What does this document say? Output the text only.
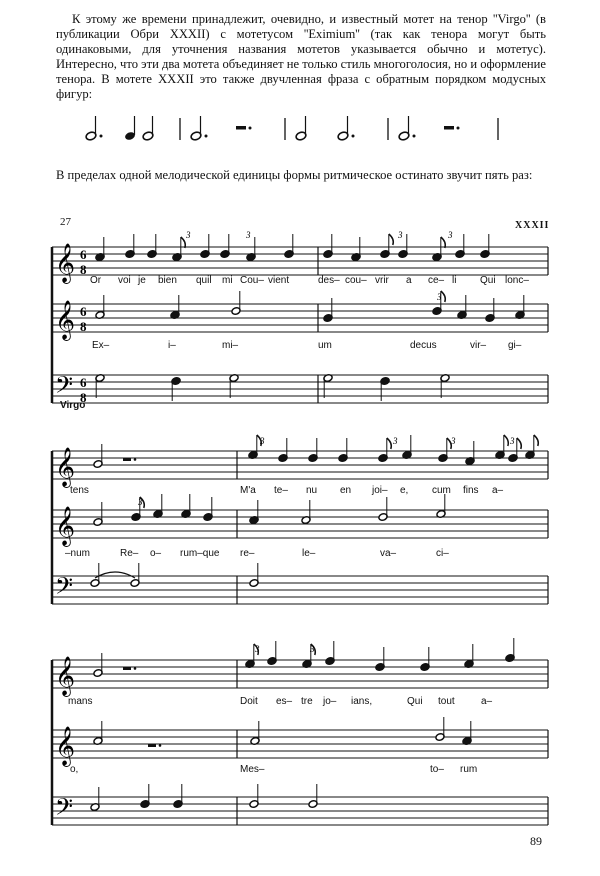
К этому же времени принадлежит, очевидно, и известный мотет на тенор ''Virgo'' (в публикации Обри XXXII) с мотетусом ''Eximium'' (так как тенора могут быть одинаковыми, для уточнения названия мотетов указывается обычно и мотетус). Интересно, что эти два мотета объединяет не только стиль многоголосия, но и оформление тенора. В мотете XXXII это также двучленная фраза с обратным порядком модусных фигур:

В пределах одной мелодической единицы формы ритмическое остинато звучит пять раз:

𝄞 6
8
𝄞 6
8
𝄢 6
8
3	3	3	3
3
𝄞
𝄞
𝄢
3	3	3	3
3
𝄞
𝄞
𝄢
3	3
27	XXXII
Virgo
Or voi je bien quil mi Cou– vient	des– cou– vrir a ce– li Qui lonc–
Ex–	i–	mi–	um	decus	vir– gi–
tens	M'a te– nu en joi– e, cum fins a–
–num	Re– o– rum–que re–	le–	va–	ci–
mans	Doit es– tre jo– ians,	Qui tout	a–
o,	Mes–	to– rum
89
